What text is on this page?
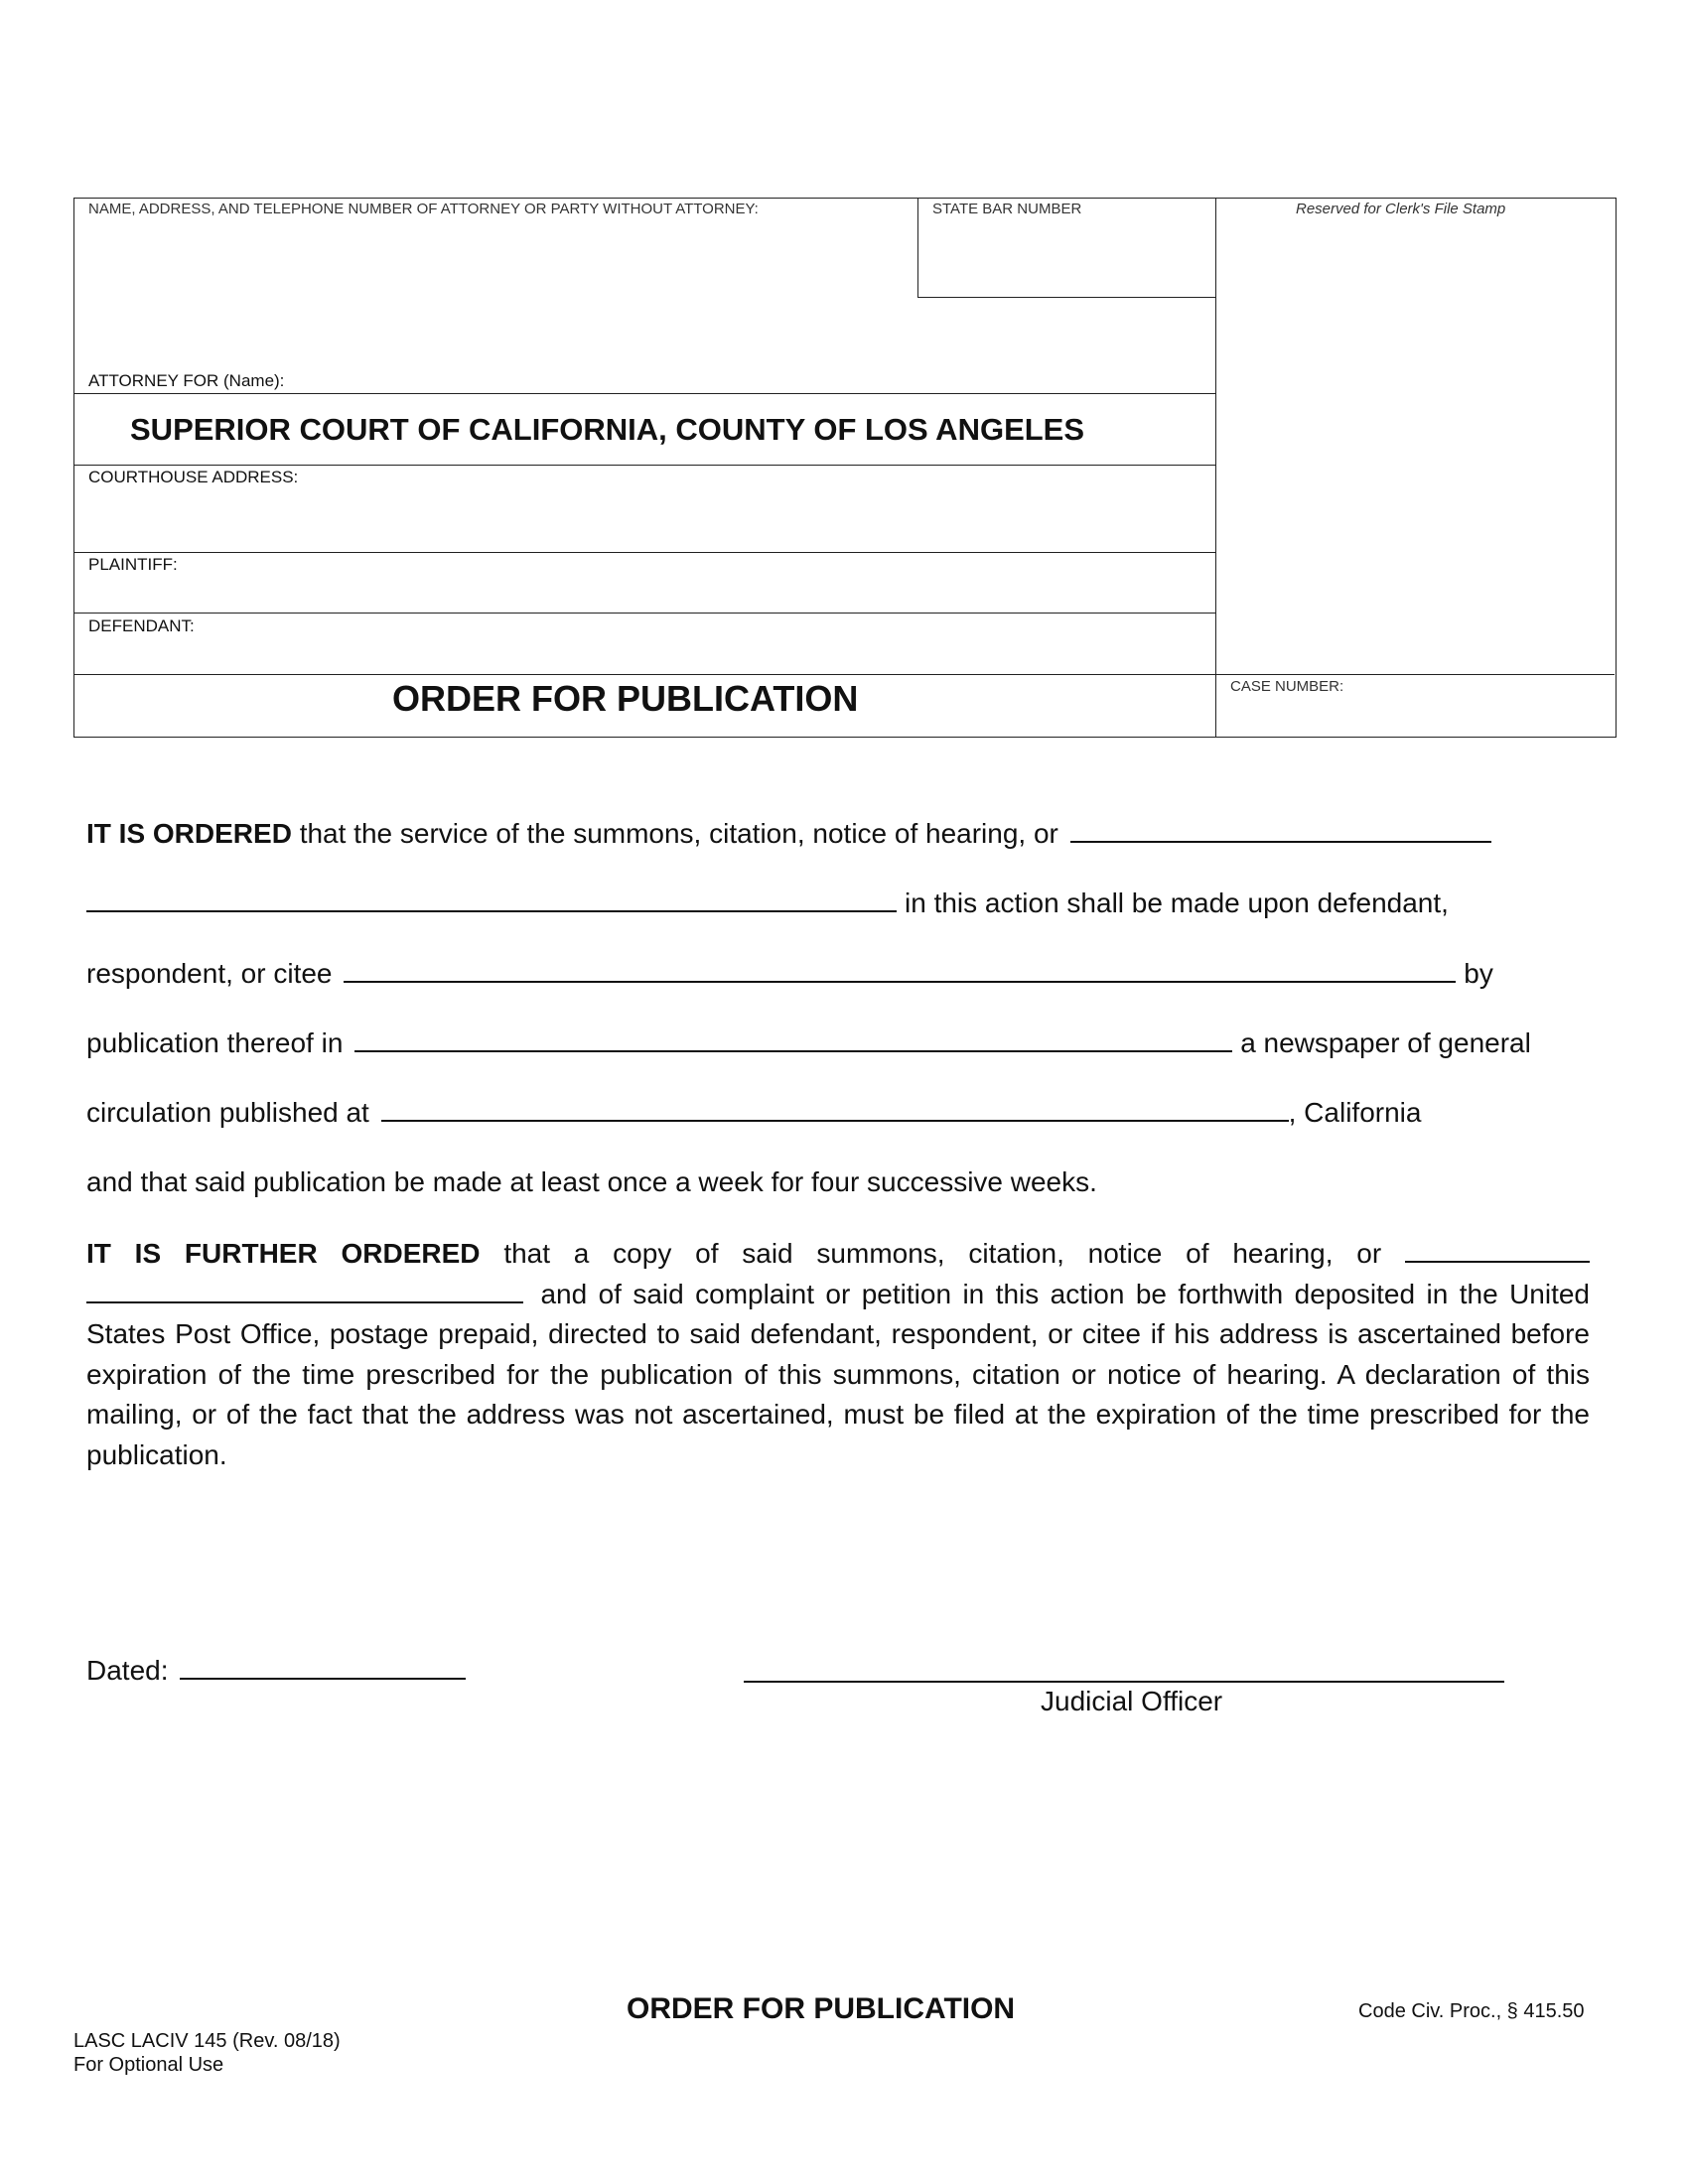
NAME, ADDRESS, AND TELEPHONE NUMBER OF ATTORNEY OR PARTY WITHOUT ATTORNEY:	STATE BAR NUMBER	Reserved for Clerk's File Stamp
ATTORNEY FOR (Name):
SUPERIOR COURT OF CALIFORNIA, COUNTY OF LOS ANGELES
COURTHOUSE ADDRESS:
PLAINTIFF:
DEFENDANT:
ORDER FOR PUBLICATION	CASE NUMBER:
IT IS ORDERED that the service of the summons, citation, notice of hearing, or
in this action shall be made upon defendant,
respondent, or citee	by
publication thereof in	a newspaper of general
circulation published at	, California
and that said publication be made at least once a week for four successive weeks.
IT IS FURTHER ORDERED that a copy of said summons, citation, notice of hearing, or   and of said complaint or petition in this action be forthwith deposited in the United States Post Office, postage prepaid, directed to said defendant, respondent, or citee if his address is ascertained before expiration of the time prescribed for the publication of this summons, citation or notice of hearing. A declaration of this mailing, or of the fact that the address was not ascertained, must be filed at the expiration of the time prescribed for the publication.
Dated:
Judicial Officer
ORDER FOR PUBLICATION	Code Civ. Proc., § 415.50
LASC LACIV 145 (Rev. 08/18)
For Optional Use
